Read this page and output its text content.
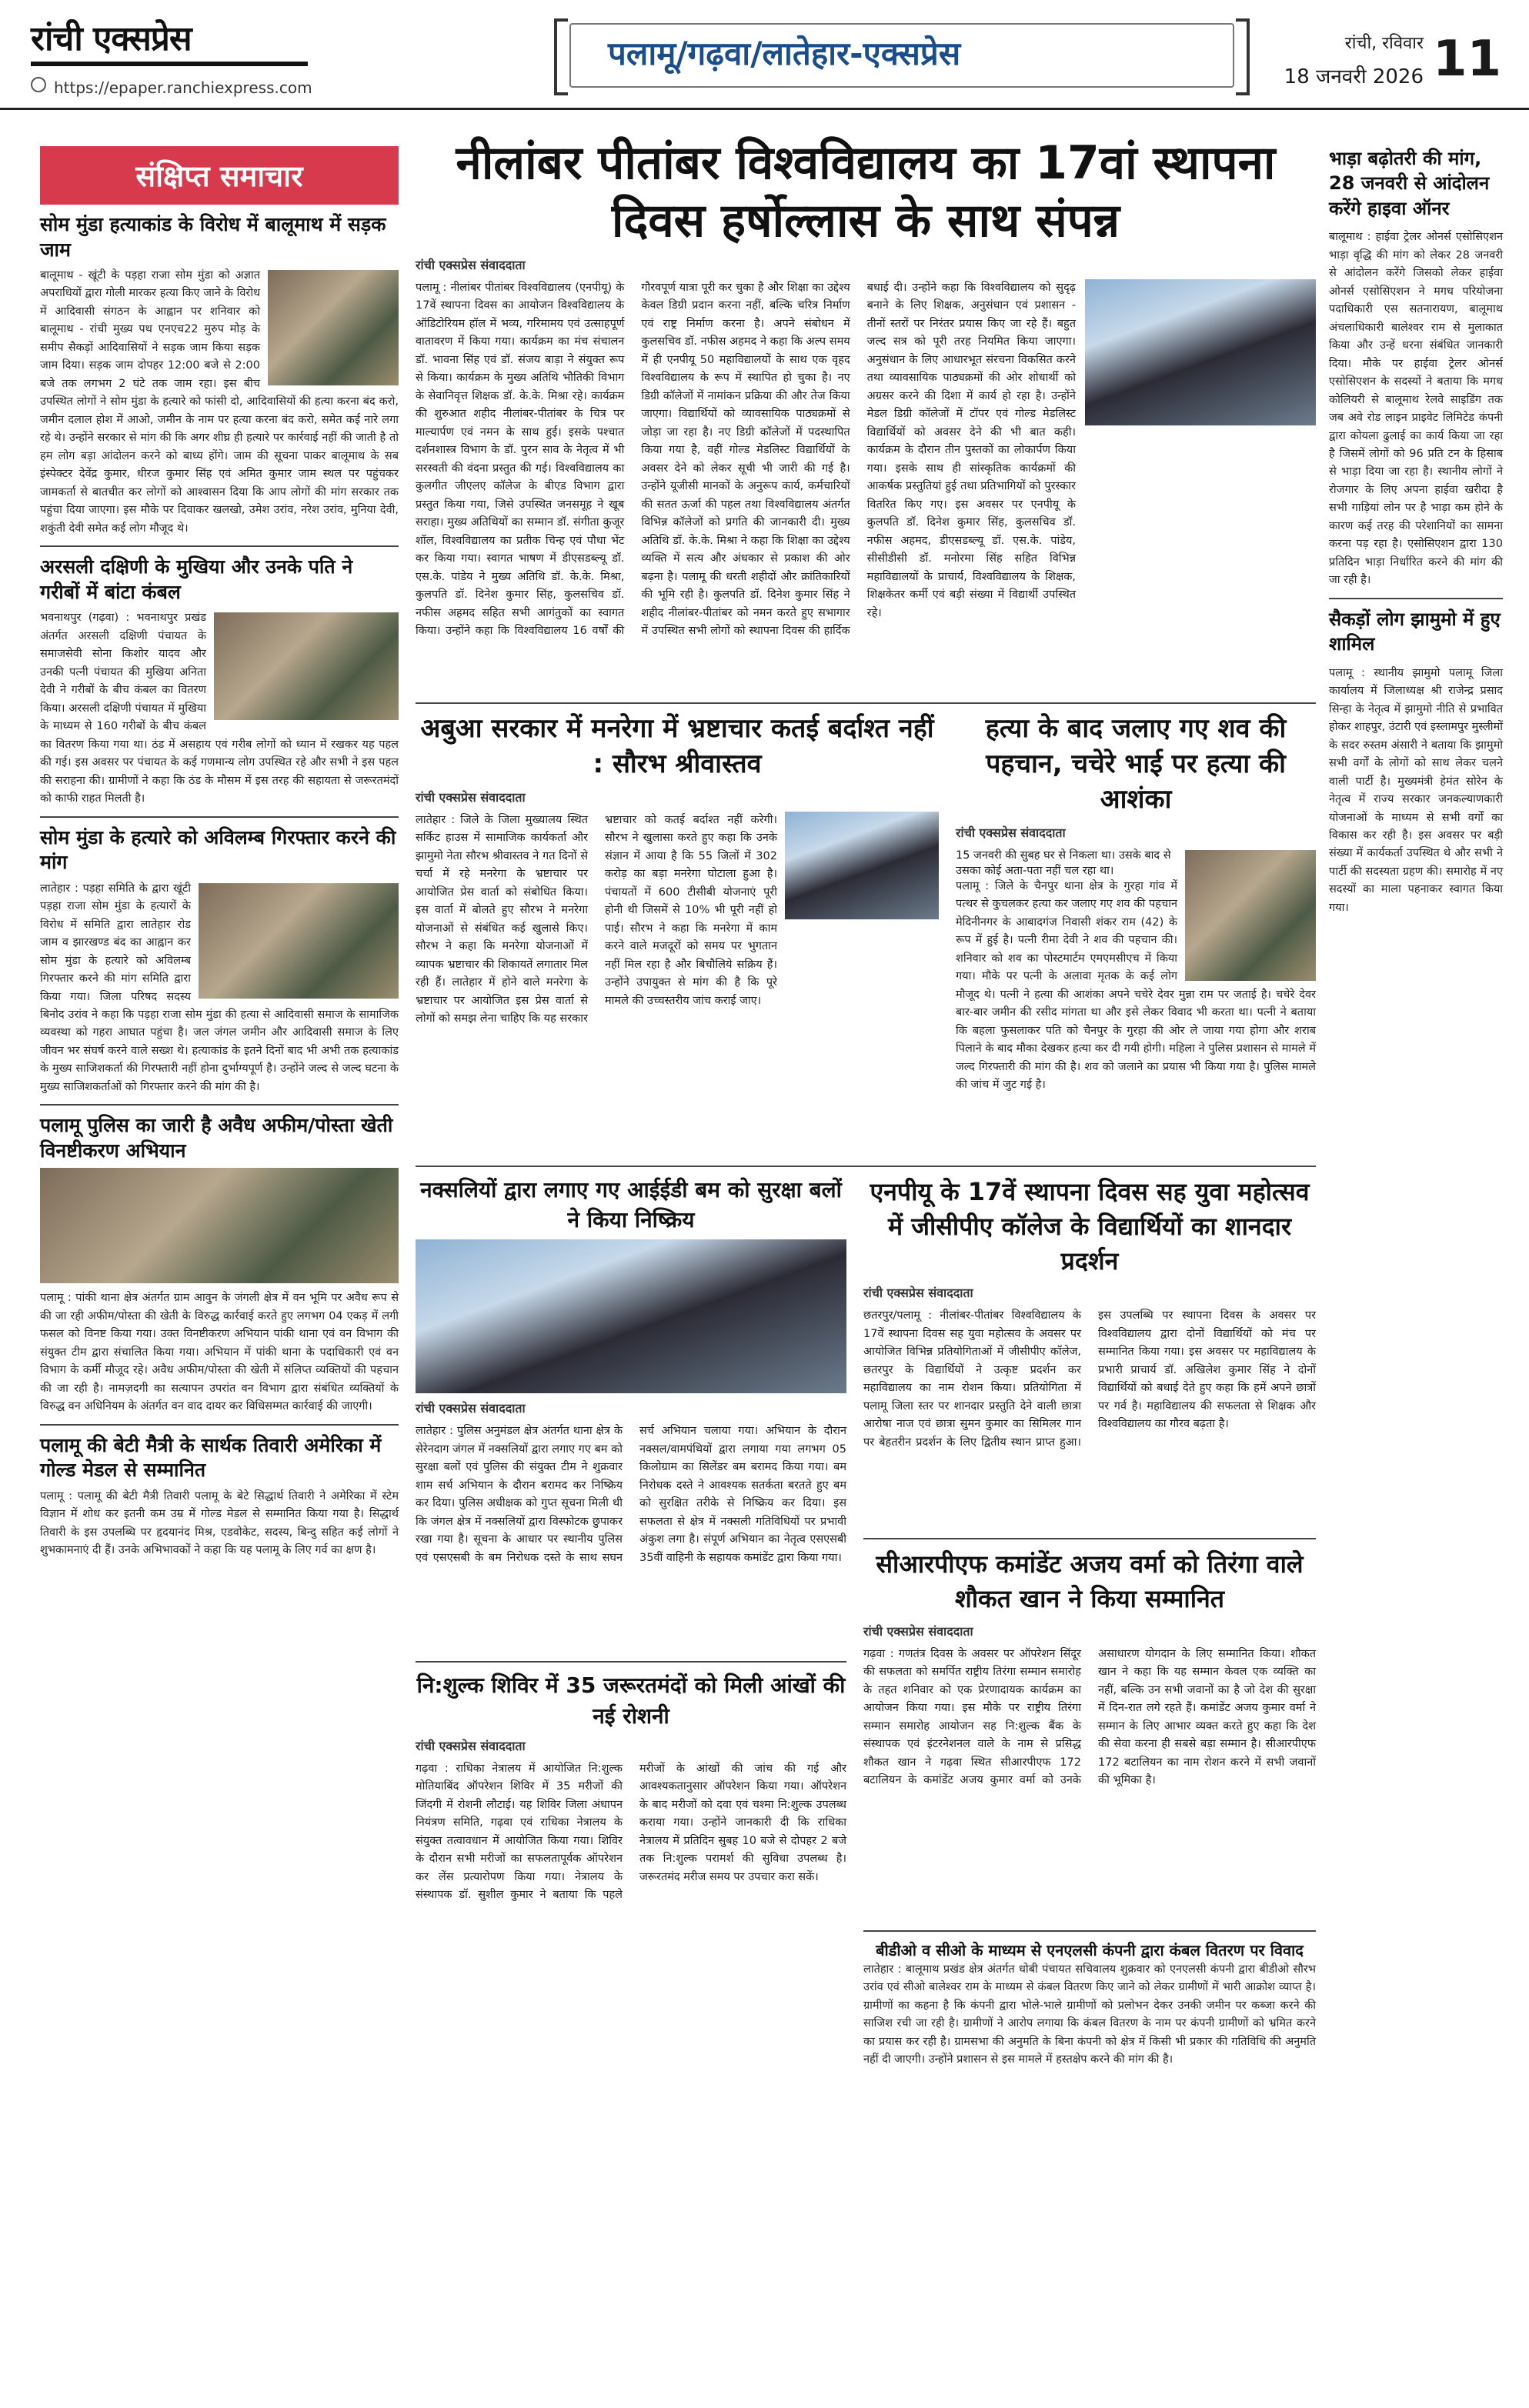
रांची एक्सप्रेस
https://epaper.ranchiexpress.com
पलामू/गढ़वा/लातेहार-एक्सप्रेस	रांची, रविवार
18 जनवरी 2026 11
संक्षिप्त समाचार
सोम मुंडा हत्याकांड के विरोध में बालूमाथ में सड़क जाम
बालूमाथ - खूंटी के पड़हा राजा सोम मुंडा को अज्ञात अपराधियों द्वारा गोली मारकर हत्या किए जाने के विरोध में आदिवासी संगठन के आह्वान पर शनिवार को बालूमाथ - रांची मुख्य पथ एनएच22 मुरुप मोड़ के समीप सैकड़ों आदिवासियों ने सड़क जाम किया सड़क जाम दिया। सड़क जाम दोपहर 12:00 बजे से 2:00 बजे तक लगभग 2 घंटे तक जाम रहा। इस बीच उपस्थित लोगों ने सोम मुंडा के हत्यारे को फांसी दो, आदिवासियों की हत्या करना बंद करो, जमीन दलाल होश में आओ, जमीन के नाम पर हत्या करना बंद करो, समेत कई नारे लगा रहे थे। उन्होंने सरकार से मांग की कि अगर शीघ्र ही हत्यारे पर कार्रवाई नहीं की जाती है तो हम लोग बड़ा आंदोलन करने को बाध्य होंगे। जाम की सूचना पाकर बालूमाथ के सब इंस्पेक्टर देवेंद्र कुमार, धीरज कुमार सिंह एवं अमित कुमार जाम स्थल पर पहुंचकर जामकर्ता से बातचीत कर लोगों को आश्वासन दिया कि आप लोगों की मांग सरकार तक पहुंचा दिया जाएगा। इस मौके पर दिवाकर खलखो, उमेश उरांव, नरेश उरांव, मुनिया देवी, शकुंती देवी समेत कई लोग मौजूद थे।
अरसली दक्षिणी के मुखिया और उनके पति ने गरीबों में बांटा कंबल
भवनाथपुर (गढ़वा) : भवनाथपुर प्रखंड अंतर्गत अरसली दक्षिणी पंचायत के समाजसेवी सोना किशोर यादव और उनकी पत्नी पंचायत की मुखिया अनिता देवी ने गरीबों के बीच कंबल का वितरण किया। अरसली दक्षिणी पंचायत में मुखिया के माध्यम से 160 गरीबों के बीच कंबल का वितरण किया गया था। ठंड में असहाय एवं गरीब लोगों को ध्यान में रखकर यह पहल की गई। इस अवसर पर पंचायत के कई गणमान्य लोग उपस्थित रहे और सभी ने इस पहल की सराहना की। ग्रामीणों ने कहा कि ठंड के मौसम में इस तरह की सहायता से जरूरतमंदों को काफी राहत मिलती है।
सोम मुंडा के हत्यारे को अविलम्ब गिरफ्तार करने की मांग
लातेहार : पड़हा समिति के द्वारा खूंटी पड़हा राजा सोम मुंडा के हत्यारों के विरोध में समिति द्वारा लातेहार रोड जाम व झारखण्ड बंद का आह्वान कर सोम मुंडा के हत्यारे को अविलम्ब गिरफ्तार करने की मांग समिति द्वारा किया गया। जिला परिषद सदस्य बिनोद उरांव ने कहा कि पड़हा राजा सोम मुंडा की हत्या से आदिवासी समाज के सामाजिक व्यवस्था को गहरा आघात पहुंचा है। जल जंगल जमीन और आदिवासी समाज के लिए जीवन भर संघर्ष करने वाले सख्श थे। हत्याकांड के इतने दिनों बाद भी अभी तक हत्याकांड के मुख्य साजिशकर्ता की गिरफ्तारी नहीं होना दुर्भाग्यपूर्ण है। उन्होंने जल्द से जल्द घटना के मुख्य साजिशकर्ताओं को गिरफ्तार करने की मांग की है।
पलामू पुलिस का जारी है अवैध अफीम/पोस्ता खेती विनष्टीकरण अभियान
पलामू : पांकी थाना क्षेत्र अंतर्गत ग्राम आवुन के जंगली क्षेत्र में वन भूमि पर अवैध रूप से की जा रही अफीम/पोस्ता की खेती के विरुद्ध कार्रवाई करते हुए लगभग 04 एकड़ में लगी फसल को विनष्ट किया गया। उक्त विनष्टीकरण अभियान पांकी थाना एवं वन विभाग की संयुक्त टीम द्वारा संचालित किया गया। अभियान में पांकी थाना के पदाधिकारी एवं वन विभाग के कर्मी मौजूद रहे। अवैध अफीम/पोस्ता की खेती में संलिप्त व्यक्तियों की पहचान की जा रही है। नामज़दगी का सत्यापन उपरांत वन विभाग द्वारा संबंधित व्यक्तियों के विरुद्ध वन अधिनियम के अंतर्गत वन वाद दायर कर विधिसम्मत कार्रवाई की जाएगी।
पलामू की बेटी मैत्री के सार्थक तिवारी अमेरिका में गोल्ड मेडल से सम्मानित
पलामू : पलामू की बेटी मैत्री तिवारी पलामू के बेटे सिद्धार्थ तिवारी ने अमेरिका में स्टेम विज्ञान में शोध कर इतनी कम उम्र में गोल्ड मेडल से सम्मानित किया गया है। सिद्धार्थ तिवारी के इस उपलब्धि पर हृदयानंद मिश्र, एडवोकेट, सदस्य, बिन्दु सहित कई लोगों ने शुभकामनाएं दी हैं। उनके अभिभावकों ने कहा कि यह पलामू के लिए गर्व का क्षण है।
भाड़ा बढ़ोतरी की मांग, 28 जनवरी से आंदोलन करेंगे हाइवा ऑनर
बालूमाथ : हाईवा ट्रेलर ओनर्स एसोसिएशन भाड़ा वृद्धि की मांग को लेकर 28 जनवरी से आंदोलन करेंगे जिसको लेकर हाईवा ओनर्स एसोसिएशन ने मगध परियोजना पदाधिकारी एस सतनारायण, बालूमाथ अंचलाधिकारी बालेश्वर राम से मुलाकात किया और उन्हें धरना संबंधित जानकारी दिया। मौके पर हाईवा ट्रेलर ओनर्स एसोसिएशन के सदस्यों ने बताया कि मगध कोलियरी से बालूमाथ रेलवे साइडिंग तक जब अवे रोड लाइन प्राइवेट लिमिटेड कंपनी द्वारा कोयला ढुलाई का कार्य किया जा रहा है जिसमें लोगों को 96 प्रति टन के हिसाब से भाड़ा दिया जा रहा है। स्थानीय लोगों ने रोजगार के लिए अपना हाईवा खरीदा है सभी गाड़ियां लोन पर है भाड़ा कम होने के कारण कई तरह की परेशानियों का सामना करना पड़ रहा है। एसोसिएशन द्वारा 130 प्रतिदिन भाड़ा निर्धारित करने की मांग की जा रही है।
सैकड़ों लोग झामुमो में हुए शामिल
पलामू : स्थानीय झामुमो पलामू जिला कार्यालय में जिलाध्यक्ष श्री राजेन्द्र प्रसाद सिन्हा के नेतृत्व में झामुमो नीति से प्रभावित होकर शाहपुर, उंटारी एवं इस्लामपुर मुस्लीमों के सदर रुस्तम अंसारी ने बताया कि झामुमो सभी वर्गों के लोगों को साथ लेकर चलने वाली पार्टी है। मुख्यमंत्री हेमंत सोरेन के नेतृत्व में राज्य सरकार जनकल्याणकारी योजनाओं के माध्यम से सभी वर्गों का विकास कर रही है। इस अवसर पर बड़ी संख्या में कार्यकर्ता उपस्थित थे और सभी ने पार्टी की सदस्यता ग्रहण की। समारोह में नए सदस्यों का माला पहनाकर स्वागत किया गया।
नीलांबर पीतांबर विश्वविद्यालय का 17वां स्थापना दिवस हर्षोल्लास के साथ संपन्न
रांची एक्सप्रेस संवाददाता
पलामू : नीलांबर पीतांबर विश्वविद्यालय (एनपीयू) के 17वें स्थापना दिवस का आयोजन विश्वविद्यालय के ऑडिटोरियम हॉल में भव्य, गरिमामय एवं उत्साहपूर्ण वातावरण में किया गया। कार्यक्रम का मंच संचालन डॉ. भावना सिंह एवं डॉ. संजय बाड़ा ने संयुक्त रूप से किया। कार्यक्रम के मुख्य अतिथि भौतिकी विभाग के सेवानिवृत्त शिक्षक डॉ. के.के. मिश्रा रहे। कार्यक्रम की शुरुआत शहीद नीलांबर-पीतांबर के चित्र पर माल्यार्पण एवं नमन के साथ हुई। इसके पश्चात दर्शनशास्त्र विभाग के डॉ. पुरन साव के नेतृत्व में भी सरस्वती की वंदना प्रस्तुत की गई। विश्वविद्यालय का कुलगीत जीएलए कॉलेज के बीएड विभाग द्वारा प्रस्तुत किया गया, जिसे उपस्थित जनसमूह ने खूब सराहा। मुख्य अतिथियों का सम्मान डॉ. संगीता कुजूर शॉल, विश्वविद्यालय का प्रतीक चिन्ह एवं पौधा भेंट कर किया गया। स्वागत भाषण में डीएसडब्ल्यू डॉ. एस.के. पांडेय ने मुख्य अतिथि डॉ. के.के. मिश्रा, कुलपति डॉ. दिनेश कुमार सिंह, कुलसचिव डॉ. नफीस अहमद सहित सभी आगंतुकों का स्वागत किया। उन्होंने कहा कि विश्वविद्यालय 16 वर्षों की गौरवपूर्ण यात्रा पूरी कर चुका है और शिक्षा का उद्देश्य केवल डिग्री प्रदान करना नहीं, बल्कि चरित्र निर्माण एवं राष्ट्र निर्माण करना है। अपने संबोधन में कुलसचिव डॉ. नफीस अहमद ने कहा कि अल्प समय में ही एनपीयू 50 महाविद्यालयों के साथ एक वृहद विश्वविद्यालय के रूप में स्थापित हो चुका है। नए डिग्री कॉलेजों में नामांकन प्रक्रिया की और तेज किया जाएगा। विद्यार्थियों को व्यावसायिक पाठ्यक्रमों से जोड़ा जा रहा है। नए डिग्री कॉलेजों में पदस्थापित किया गया है, वहीं गोल्ड मेडलिस्ट विद्यार्थियों के अवसर देने को लेकर सूची भी जारी की गई है। उन्होंने यूजीसी मानकों के अनुरूप कार्य, कर्मचारियों की सतत ऊर्जा की पहल तथा विश्वविद्यालय अंतर्गत विभिन्न कॉलेजों को प्रगति की जानकारी दी। मुख्य अतिथि डॉ. के.के. मिश्रा ने कहा कि शिक्षा का उद्देश्य व्यक्ति में सत्य और अंधकार से प्रकाश की ओर बढ़ना है। पलामू की धरती शहीदों और क्रांतिकारियों की भूमि रही है। कुलपति डॉ. दिनेश कुमार सिंह ने शहीद नीलांबर-पीतांबर को नमन करते हुए सभागार में उपस्थित सभी लोगों को स्थापना दिवस की हार्दिक बधाई दी। उन्होंने कहा कि विश्वविद्यालय को सुदृढ़ बनाने के लिए शिक्षक, अनुसंधान एवं प्रशासन - तीनों स्तरों पर निरंतर प्रयास किए जा रहे हैं। बहुत जल्द सत्र को पूरी तरह नियमित किया जाएगा। अनुसंधान के लिए आधारभूत संरचना विकसित करने तथा व्यावसायिक पाठ्यक्रमों की ओर शोधार्थी को अग्रसर करने की दिशा में कार्य हो रहा है। उन्होंने मेडल डिग्री कॉलेजों में टॉपर एवं गोल्ड मेडलिस्ट विद्यार्थियों को अवसर देने की भी बात कही। कार्यक्रम के दौरान तीन पुस्तकों का लोकार्पण किया गया। इसके साथ ही सांस्कृतिक कार्यक्रमों की आकर्षक प्रस्तुतियां हुई तथा प्रतिभागियों को पुरस्कार वितरित किए गए। इस अवसर पर एनपीयू के कुलपति डॉ. दिनेश कुमार सिंह, कुलसचिव डॉ. नफीस अहमद, डीएसडब्ल्यू डॉ. एस.के. पांडेय, सीसीडीसी डॉ. मनोरमा सिंह सहित विभिन्न महाविद्यालयों के प्राचार्य, विश्वविद्यालय के शिक्षक, शिक्षकेतर कर्मी एवं बड़ी संख्या में विद्यार्थी उपस्थित रहे।
अबुआ सरकार में मनरेगा में भ्रष्टाचार कतई बर्दाश्त नहीं : सौरभ श्रीवास्तव
रांची एक्सप्रेस संवाददाता
लातेहार : जिले के जिला मुख्यालय स्थित सर्किट हाउस में सामाजिक कार्यकर्ता और झामुमो नेता सौरभ श्रीवास्तव ने गत दिनों से चर्चा में रहे मनरेगा के भ्रष्टाचार पर आयोजित प्रेस वार्ता को संबोधित किया। इस वार्ता में बोलते हुए सौरभ ने मनरेगा योजनाओं से संबंधित कई खुलासे किए। सौरभ ने कहा कि मनरेगा योजनाओं में व्यापक भ्रष्टाचार की शिकायतें लगातार मिल रही हैं। लातेहार में होने वाले मनरेगा के भ्रष्टाचार पर आयोजित इस प्रेस वार्ता से लोगों को समझ लेना चाहिए कि यह सरकार भ्रष्टाचार को कतई बर्दाश्त नहीं करेगी। सौरभ ने खुलासा करते हुए कहा कि उनके संज्ञान में आया है कि 55 जिलों में 302 करोड़ का बड़ा मनरेगा घोटाला हुआ है। पंचायतों में 600 टीसीबी योजनाएं पूरी होनी थी जिसमें से 10% भी पूरी नहीं हो पाई। सौरभ ने कहा कि मनरेगा में काम करने वाले मजदूरों को समय पर भुगतान नहीं मिल रहा है और बिचौलिये सक्रिय हैं। उन्होंने उपायुक्त से मांग की है कि पूरे मामले की उच्चस्तरीय जांच कराई जाए।
हत्या के बाद जलाए गए शव की पहचान, चचेरे भाई पर हत्या की आशंका
रांची एक्सप्रेस संवाददाता
15 जनवरी की सुबह घर से निकला था। उसके बाद से उसका कोई अता-पता नहीं चल रहा था।
पलामू : जिले के चैनपुर थाना क्षेत्र के गुरहा गांव में पत्थर से कुचलकर हत्या कर जलाए गए शव की पहचान मेदिनीनगर के आबादगंज निवासी शंकर राम (42) के रूप में हुई है। पत्नी रीमा देवी ने शव की पहचान की। शनिवार को शव का पोस्टमार्टम एमएमसीएच में किया गया। मौके पर पत्नी के अलावा मृतक के कई लोग मौजूद थे। पत्नी ने हत्या की आशंका अपने चचेरे देवर मुन्ना राम पर जताई है। चचेरे देवर बार-बार जमीन की रसीद मांगता था और इसे लेकर विवाद भी करता था। पत्नी ने बताया कि बहला फुसलाकर पति को चैनपुर के गुरहा की ओर ले जाया गया होगा और शराब पिलाने के बाद मौका देखकर हत्या कर दी गयी होगी। महिला ने पुलिस प्रशासन से मामले में जल्द गिरफ्तारी की मांग की है। शव को जलाने का प्रयास भी किया गया है। पुलिस मामले की जांच में जुट गई है।
नक्सलियों द्वारा लगाए गए आईईडी बम को सुरक्षा बलों ने किया निष्क्रिय
रांची एक्सप्रेस संवाददाता
लातेहार : पुलिस अनुमंडल क्षेत्र अंतर्गत थाना क्षेत्र के सेरेनदाग जंगल में नक्सलियों द्वारा लगाए गए बम को सुरक्षा बलों एवं पुलिस की संयुक्त टीम ने शुक्रवार शाम सर्च अभियान के दौरान बरामद कर निष्क्रिय कर दिया। पुलिस अधीक्षक को गुप्त सूचना मिली थी कि जंगल क्षेत्र में नक्सलियों द्वारा विस्फोटक छुपाकर रखा गया है। सूचना के आधार पर स्थानीय पुलिस एवं एसएसबी के बम निरोधक दस्ते के साथ सघन सर्च अभियान चलाया गया। अभियान के दौरान नक्सल/वामपंथियों द्वारा लगाया गया लगभग 05 किलोग्राम का सिलेंडर बम बरामद किया गया। बम निरोधक दस्ते ने आवश्यक सतर्कता बरतते हुए बम को सुरक्षित तरीके से निष्क्रिय कर दिया। इस सफलता से क्षेत्र में नक्सली गतिविधियों पर प्रभावी अंकुश लगा है। संपूर्ण अभियान का नेतृत्व एसएसबी 35वीं वाहिनी के सहायक कमांडेंट द्वारा किया गया।
नि:शुल्क शिविर में 35 जरूरतमंदों को मिली आंखों की नई रोशनी
रांची एक्सप्रेस संवाददाता
गढ़वा : राधिका नेत्रालय में आयोजित नि:शुल्क मोतियाबिंद ऑपरेशन शिविर में 35 मरीजों की जिंदगी में रोशनी लौटाई। यह शिविर जिला अंधापन नियंत्रण समिति, गढ़वा एवं राधिका नेत्रालय के संयुक्त तत्वावधान में आयोजित किया गया। शिविर के दौरान सभी मरीजों का सफलतापूर्वक ऑपरेशन कर लेंस प्रत्यारोपण किया गया। नेत्रालय के संस्थापक डॉ. सुशील कुमार ने बताया कि पहले मरीजों के आंखों की जांच की गई और आवश्यकतानुसार ऑपरेशन किया गया। ऑपरेशन के बाद मरीजों को दवा एवं चश्मा नि:शुल्क उपलब्ध कराया गया। उन्होंने जानकारी दी कि राधिका नेत्रालय में प्रतिदिन सुबह 10 बजे से दोपहर 2 बजे तक नि:शुल्क परामर्श की सुविधा उपलब्ध है। जरूरतमंद मरीज समय पर उपचार करा सकें।
एनपीयू के 17वें स्थापना दिवस सह युवा महोत्सव में जीसीपीए कॉलेज के विद्यार्थियों का शानदार प्रदर्शन
रांची एक्सप्रेस संवाददाता
छतरपुर/पलामू : नीलांबर-पीतांबर विश्वविद्यालय के 17वें स्थापना दिवस सह युवा महोत्सव के अवसर पर आयोजित विभिन्न प्रतियोगिताओं में जीसीपीए कॉलेज, छतरपुर के विद्यार्थियों ने उत्कृष्ट प्रदर्शन कर महाविद्यालय का नाम रोशन किया। प्रतियोगिता में पलामू जिला स्तर पर शानदार प्रस्तुति देने वाली छात्रा आरोषा नाज एवं छात्रा सुमन कुमार का सिमिलर गान पर बेहतरीन प्रदर्शन के लिए द्वितीय स्थान प्राप्त हुआ। इस उपलब्धि पर स्थापना दिवस के अवसर पर विश्वविद्यालय द्वारा दोनों विद्यार्थियों को मंच पर सम्मानित किया गया। इस अवसर पर महाविद्यालय के प्रभारी प्राचार्य डॉ. अखिलेश कुमार सिंह ने दोनों विद्यार्थियों को बधाई देते हुए कहा कि हमें अपने छात्रों पर गर्व है। महाविद्यालय की सफलता से शिक्षक और विश्वविद्यालय का गौरव बढ़ता है।
सीआरपीएफ कमांडेंट अजय वर्मा को तिरंगा वाले शौकत खान ने किया सम्मानित
रांची एक्सप्रेस संवाददाता
गढ़वा : गणतंत्र दिवस के अवसर पर ऑपरेशन सिंदूर की सफलता को समर्पित राष्ट्रीय तिरंगा सम्मान समारोह के तहत शनिवार को एक प्रेरणादायक कार्यक्रम का आयोजन किया गया। इस मौके पर राष्ट्रीय तिरंगा सम्मान समारोह आयोजन सह नि:शुल्क बैंक के संस्थापक एवं इंटरनेशनल वाले के नाम से प्रसिद्ध शौकत खान ने गढ़वा स्थित सीआरपीएफ 172 बटालियन के कमांडेंट अजय कुमार वर्मा को उनके असाधारण योगदान के लिए सम्मानित किया। शौकत खान ने कहा कि यह सम्मान केवल एक व्यक्ति का नहीं, बल्कि उन सभी जवानों का है जो देश की सुरक्षा में दिन-रात लगे रहते हैं। कमांडेंट अजय कुमार वर्मा ने सम्मान के लिए आभार व्यक्त करते हुए कहा कि देश की सेवा करना ही सबसे बड़ा सम्मान है। सीआरपीएफ 172 बटालियन का नाम रोशन करने में सभी जवानों की भूमिका है।
बीडीओ व सीओ के माध्यम से एनएलसी कंपनी द्वारा कंबल वितरण पर विवाद
लातेहार : बालूमाथ प्रखंड क्षेत्र अंतर्गत धोबी पंचायत सचिवालय शुक्रवार को एनएलसी कंपनी द्वारा बीडीओ सौरभ उरांव एवं सीओ बालेश्वर राम के माध्यम से कंबल वितरण किए जाने को लेकर ग्रामीणों में भारी आक्रोश व्याप्त है। ग्रामीणों का कहना है कि कंपनी द्वारा भोले-भाले ग्रामीणों को प्रलोभन देकर उनकी जमीन पर कब्जा करने की साजिश रची जा रही है। ग्रामीणों ने आरोप लगाया कि कंबल वितरण के नाम पर कंपनी ग्रामीणों को भ्रमित करने का प्रयास कर रही है। ग्रामसभा की अनुमति के बिना कंपनी को क्षेत्र में किसी भी प्रकार की गतिविधि की अनुमति नहीं दी जाएगी। उन्होंने प्रशासन से इस मामले में हस्तक्षेप करने की मांग की है।
